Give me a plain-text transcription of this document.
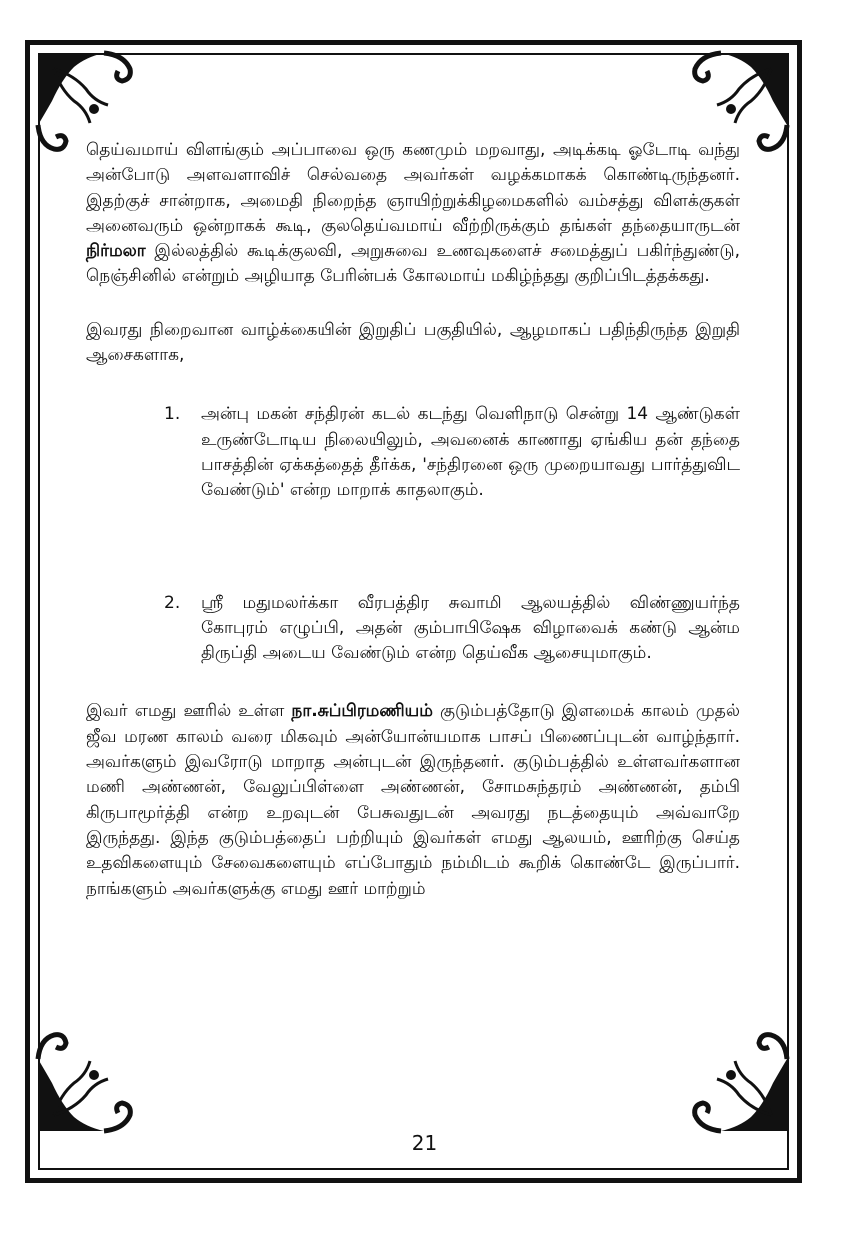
தெய்வமாய் விளங்கும் அப்பாவை ஒரு கணமும் மறவாது, அடிக்கடி ஓடோடி வந்து அன்போடு அளவளாவிச் செல்வதை அவர்கள் வழக்கமாகக் கொண்டிருந்தனர். இதற்குச் சான்றாக, அமைதி நிறைந்த ஞாயிற்றுக்கிழமைகளில் வம்சத்து விளக்குகள் அனைவரும் ஒன்றாகக் கூடி, குலதெய்வமாய் வீற்றிருக்கும் தங்கள் தந்தையாருடன் நிர்மலா இல்லத்தில் கூடிக்குலவி, அறுசுவை உணவுகளைச் சமைத்துப் பகிர்ந்துண்டு, நெஞ்சினில் என்றும் அழியாத பேரின்பக் கோலமாய் மகிழ்ந்தது குறிப்பிடத்தக்கது.

இவரது நிறைவான வாழ்க்கையின் இறுதிப் பகுதியில், ஆழமாகப் பதிந்திருந்த இறுதி ஆசைகளாக,

1. அன்பு மகன் சந்திரன் கடல் கடந்து வெளிநாடு சென்று 14 ஆண்டுகள் உருண்டோடிய நிலையிலும், அவனைக் காணாது ஏங்கிய தன் தந்தை பாசத்தின் ஏக்கத்தைத் தீர்க்க, 'சந்திரனை ஒரு முறையாவது பார்த்துவிட வேண்டும்' என்ற மாறாக் காதலாகும்.
2. ஸ்ரீ மதுமலர்க்கா வீரபத்திர சுவாமி ஆலயத்தில் விண்ணுயர்ந்த கோபுரம் எழுப்பி, அதன் கும்பாபிஷேக விழாவைக் கண்டு ஆன்ம திருப்தி அடைய வேண்டும் என்ற தெய்வீக ஆசையுமாகும்.

இவர் எமது ஊரில் உள்ள நா.சுப்பிரமணியம் குடும்பத்தோடு இளமைக் காலம் முதல் ஜீவ மரண காலம் வரை மிகவும் அன்யோன்யமாக பாசப் பிணைப்புடன் வாழ்ந்தார். அவர்களும் இவரோடு மாறாத அன்புடன் இருந்தனர். குடும்பத்தில் உள்ளவர்களான மணி அண்ணன், வேலுப்பிள்ளை அண்ணன், சோமசுந்தரம் அண்ணன், தம்பி கிருபாமூர்த்தி என்ற உறவுடன் பேசுவதுடன் அவரது நடத்தையும் அவ்வாறே இருந்தது. இந்த குடும்பத்தைப் பற்றியும் இவர்கள் எமது ஆலயம், ஊரிற்கு செய்த உதவிகளையும் சேவைகளையும் எப்போதும் நம்மிடம் கூறிக் கொண்டே இருப்பார். நாங்களும் அவர்களுக்கு எமது ஊர் மாற்றும்

21
